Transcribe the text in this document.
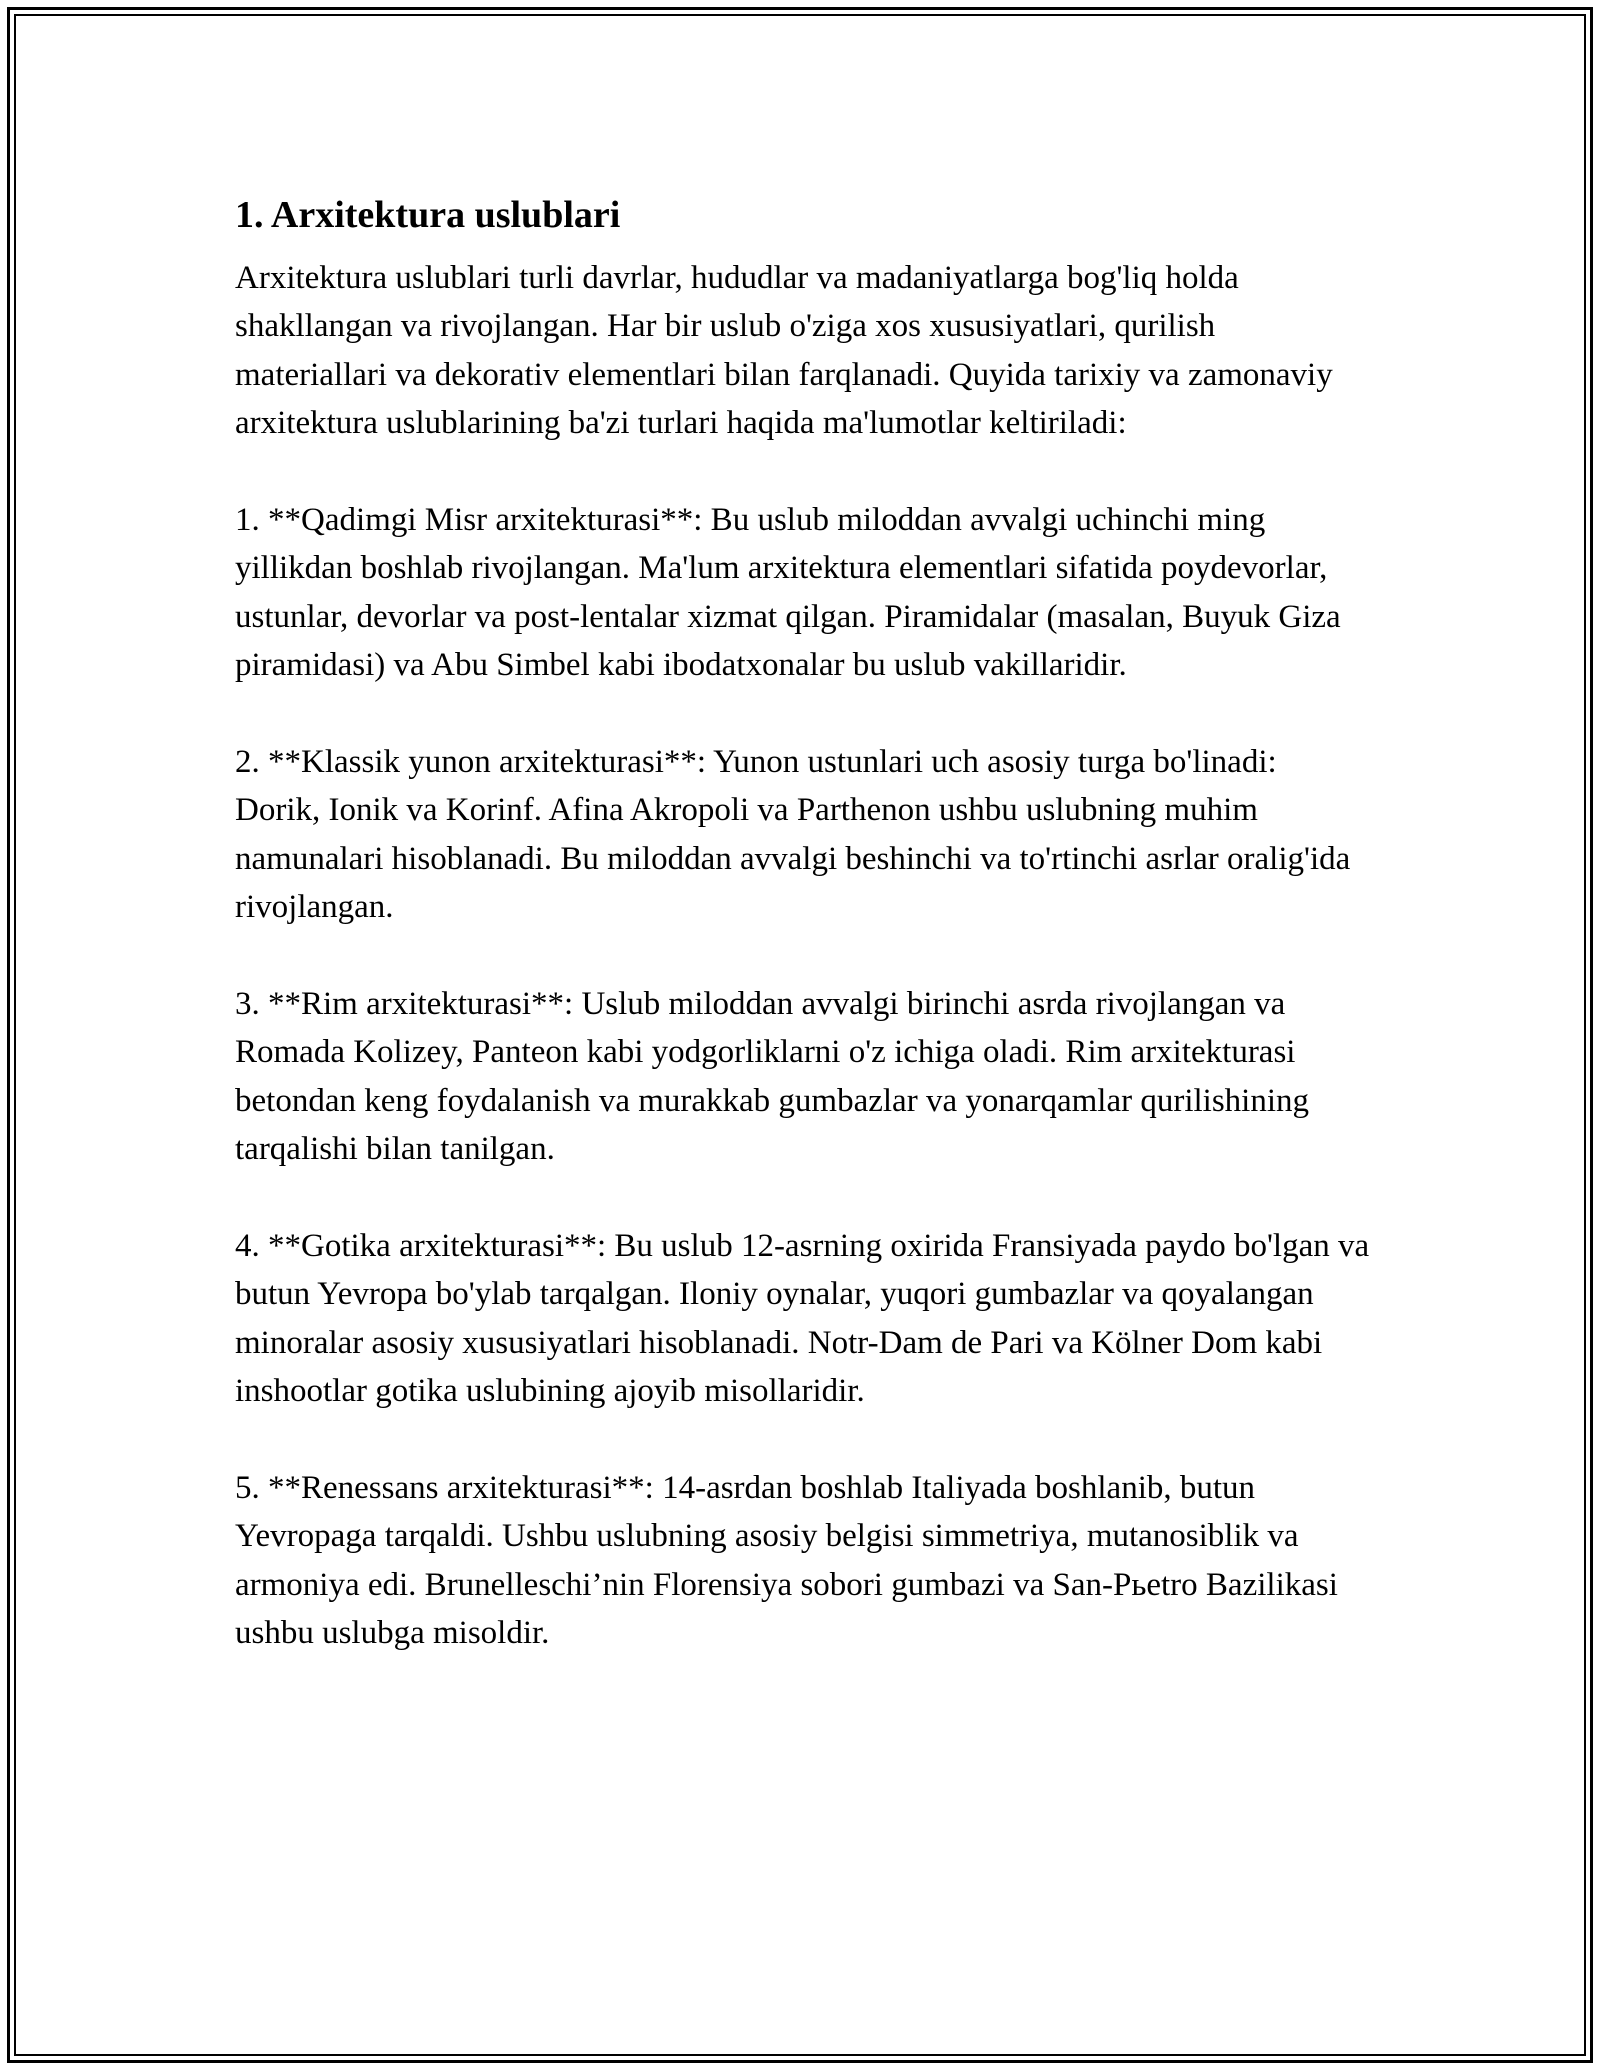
1. Arxitektura uslublari

Arxitektura uslublari turli davrlar, hududlar va madaniyatlarga bog'liq holda shakllangan va rivojlangan. Har bir uslub o'ziga xos xususiyatlari, qurilish materiallari va dekorativ elementlari bilan farqlanadi. Quyida tarixiy va zamonaviy arxitektura uslublarining ba'zi turlari haqida ma'lumotlar keltiriladi:

1. **Qadimgi Misr arxitekturasi**: Bu uslub miloddan avvalgi uchinchi ming yillikdan boshlab rivojlangan. Ma'lum arxitektura elementlari sifatida poydevorlar, ustunlar, devorlar va post-lentalar xizmat qilgan. Piramidalar (masalan, Buyuk Giza piramidasi) va Abu Simbel kabi ibodatxonalar bu uslub vakillaridir.

2. **Klassik yunon arxitekturasi**: Yunon ustunlari uch asosiy turga bo'linadi: Dorik, Ionik va Korinf. Afina Akropoli va Parthenon ushbu uslubning muhim namunalari hisoblanadi. Bu miloddan avvalgi beshinchi va to'rtinchi asrlar oralig'ida rivojlangan.

3. **Rim arxitekturasi**: Uslub miloddan avvalgi birinchi asrda rivojlangan va Romada Kolizey, Panteon kabi yodgorliklarni o'z ichiga oladi. Rim arxitekturasi betondan keng foydalanish va murakkab gumbazlar va yonarqamlar qurilishining tarqalishi bilan tanilgan.

4. **Gotika arxitekturasi**: Bu uslub 12-asrning oxirida Fransiyada paydo bo'lgan va butun Yevropa bo'ylab tarqalgan. Iloniy oynalar, yuqori gumbazlar va qoyalangan minoralar asosiy xususiyatlari hisoblanadi. Notr-Dam de Pari va Kölner Dom kabi inshootlar gotika uslubining ajoyib misollaridir.

5. **Renessans arxitekturasi**: 14-asrdan boshlab Italiyada boshlanib, butun Yevropaga tarqaldi. Ushbu uslubning asosiy belgisi simmetriya, mutanosiblik va armoniya edi. Brunelleschi’nin Florensiya sobori gumbazi va San-Pьetro Bazilikasi ushbu uslubga misoldir.
